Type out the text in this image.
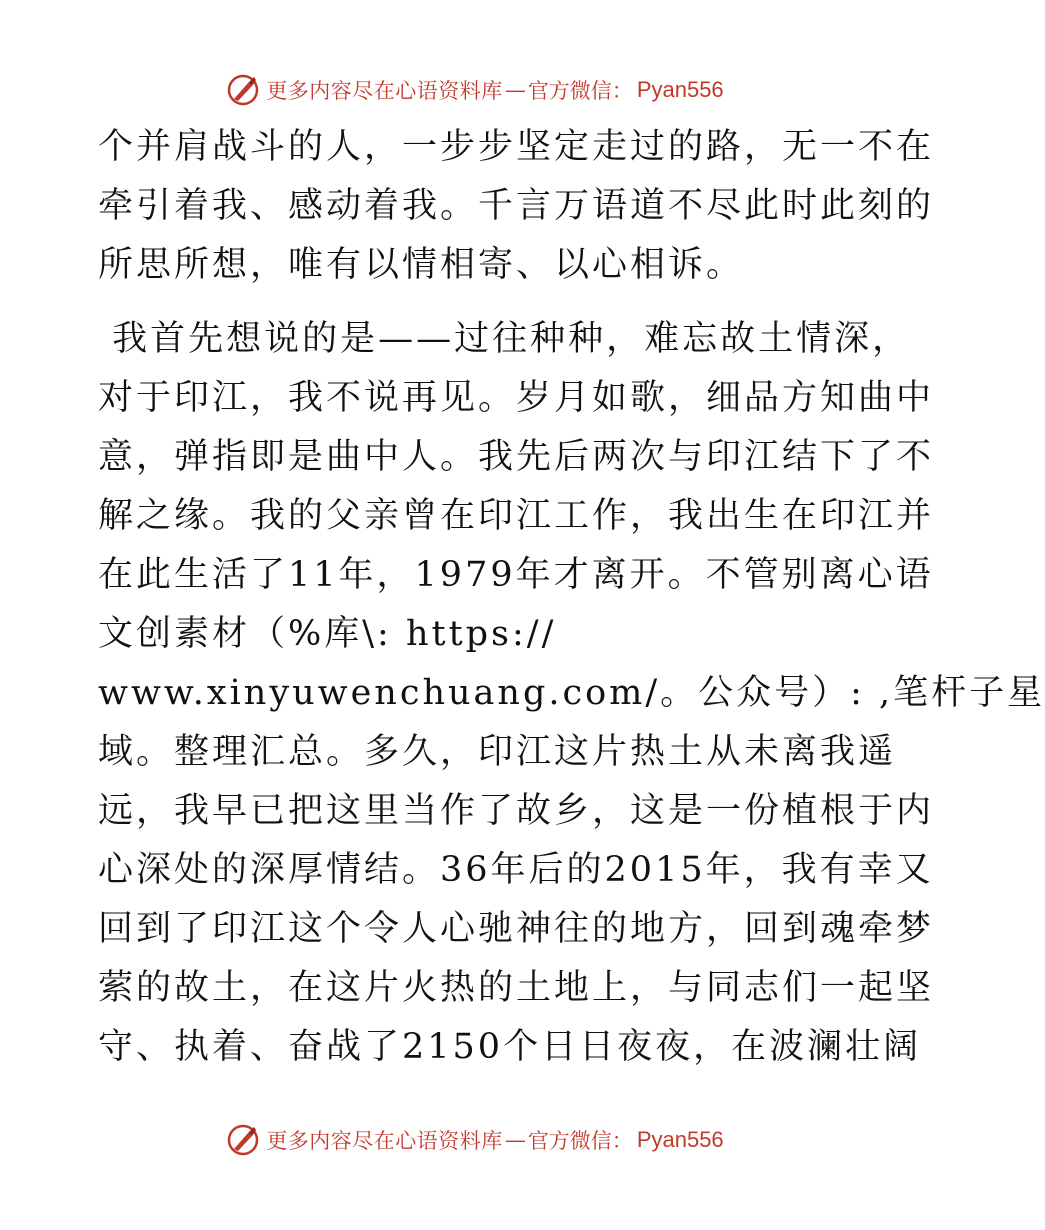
更多内容尽在心语资料库 — 官方微信： Pyan556
个并肩战斗的人，一步步坚定走过的路，无一不在
牵引着我、感动着我。千言万语道不尽此时此刻的
所思所想，唯有以情相寄、以心相诉。
我首先想说的是——过往种种，难忘故土情深，
对于印江，我不说再见。岁月如歌，细品方知曲中
意，弹指即是曲中人。我先后两次与印江结下了不
解之缘。我的父亲曾在印江工作，我出生在印江并
在此生活了11年，1979年才离开。不管别离心语
文创素材（%库\: https://
www.xinyuwenchuang.com/。公众号）: ,笔杆子星
域。整理汇总。多久，印江这片热土从未离我遥
远，我早已把这里当作了故乡，这是一份植根于内
心深处的深厚情结。36年后的2015年，我有幸又
回到了印江这个令人心驰神往的地方，回到魂牵梦
萦的故土，在这片火热的土地上，与同志们一起坚
守、执着、奋战了2150个日日夜夜，在波澜壮阔
更多内容尽在心语资料库 — 官方微信： Pyan556
